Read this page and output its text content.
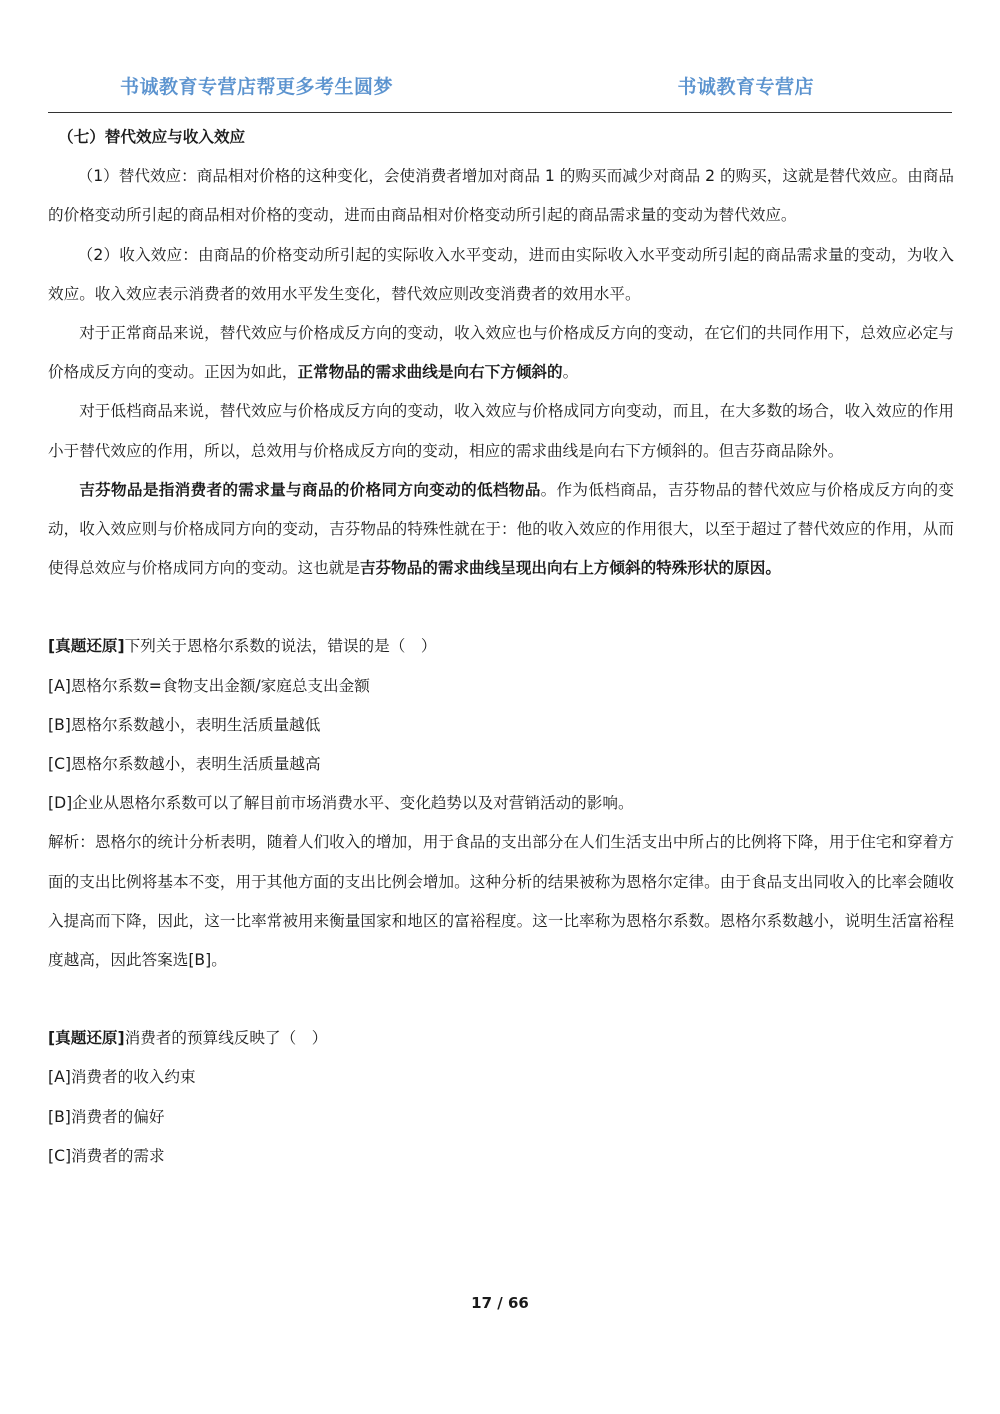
书诚教育专营店帮更多考生圆梦	书诚教育专营店

（七）替代效应与收入效应

（1）替代效应：商品相对价格的这种变化，会使消费者增加对商品 1 的购买而减少对商品 2 的购买，这就是替代效应。由商品的价格变动所引起的商品相对价格的变动，进而由商品相对价格变动所引起的商品需求量的变动为替代效应。

（2）收入效应：由商品的价格变动所引起的实际收入水平变动，进而由实际收入水平变动所引起的商品需求量的变动，为收入效应。收入效应表示消费者的效用水平发生变化，替代效应则改变消费者的效用水平。

对于正常商品来说，替代效应与价格成反方向的变动，收入效应也与价格成反方向的变动，在它们的共同作用下，总效应必定与价格成反方向的变动。正因为如此，正常物品的需求曲线是向右下方倾斜的。

对于低档商品来说，替代效应与价格成反方向的变动，收入效应与价格成同方向变动，而且，在大多数的场合，收入效应的作用小于替代效应的作用，所以，总效用与价格成反方向的变动，相应的需求曲线是向右下方倾斜的。但吉芬商品除外。

吉芬物品是指消费者的需求量与商品的价格同方向变动的低档物品。作为低档商品，吉芬物品的替代效应与价格成反方向的变动，收入效应则与价格成同方向的变动，吉芬物品的特殊性就在于：他的收入效应的作用很大，以至于超过了替代效应的作用，从而使得总效应与价格成同方向的变动。这也就是吉芬物品的需求曲线呈现出向右上方倾斜的特殊形状的原因。

[真题还原]下列关于恩格尔系数的说法，错误的是（　）

[A]恩格尔系数=食物支出金额/家庭总支出金额

[B]恩格尔系数越小，表明生活质量越低

[C]恩格尔系数越小，表明生活质量越高

[D]企业从恩格尔系数可以了解目前市场消费水平、变化趋势以及对营销活动的影响。

解析：恩格尔的统计分析表明，随着人们收入的增加，用于食品的支出部分在人们生活支出中所占的比例将下降，用于住宅和穿着方面的支出比例将基本不变，用于其他方面的支出比例会增加。这种分析的结果被称为恩格尔定律。由于食品支出同收入的比率会随收入提高而下降，因此，这一比率常被用来衡量国家和地区的富裕程度。这一比率称为恩格尔系数。恩格尔系数越小，说明生活富裕程度越高，因此答案选[B]。

[真题还原]消费者的预算线反映了（　）

[A]消费者的收入约束

[B]消费者的偏好

[C]消费者的需求

17 / 66
